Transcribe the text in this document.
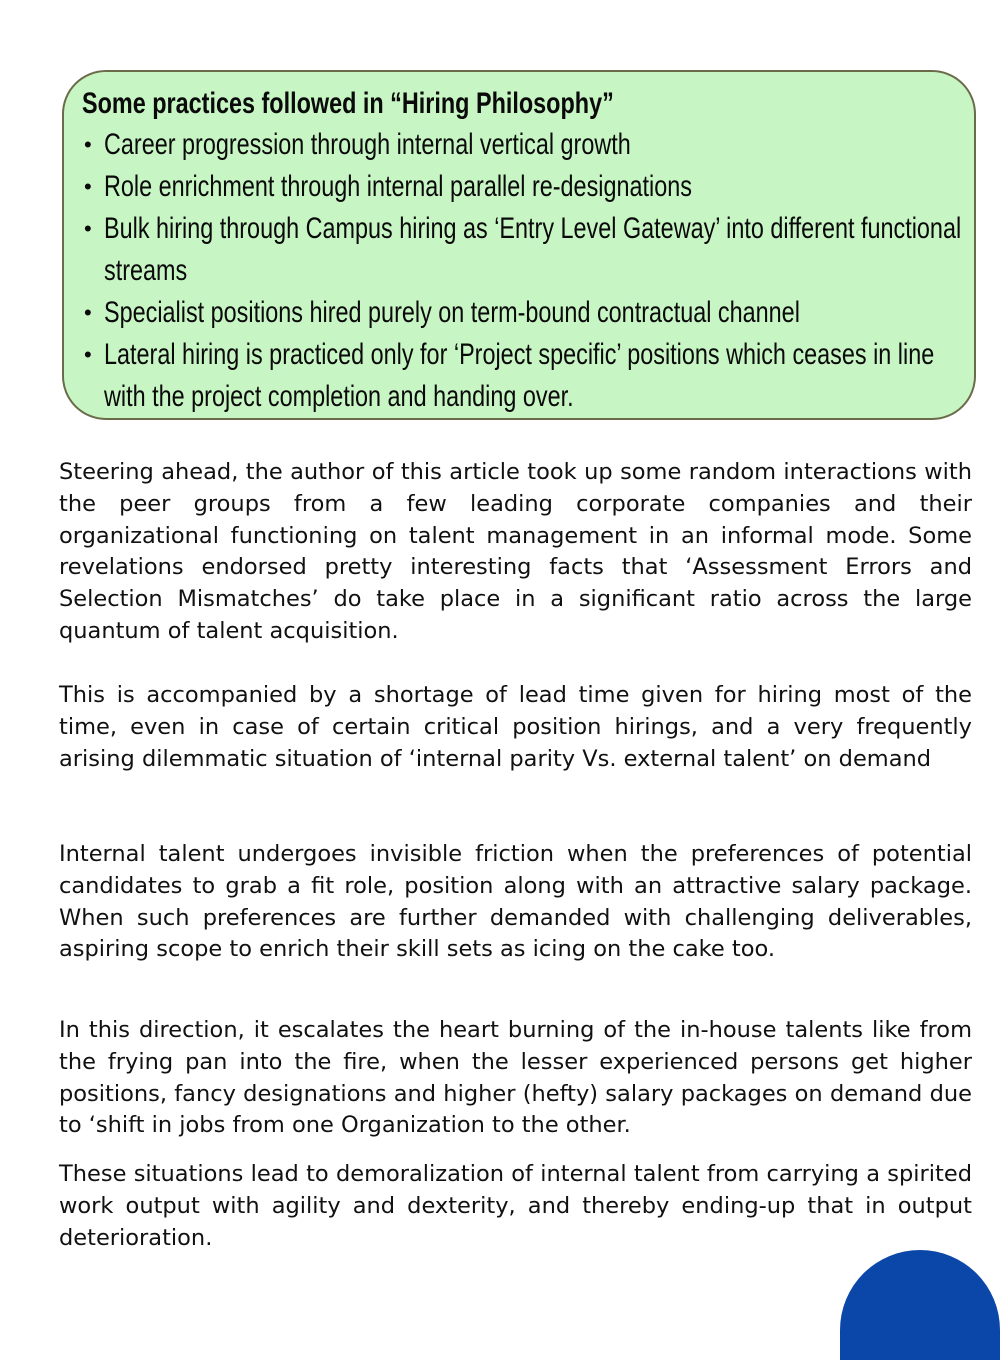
Some practices followed in “Hiring Philosophy”
• Career progression through internal vertical growth
• Role enrichment through internal parallel re-designations
• Bulk hiring through Campus hiring as ‘Entry Level Gateway’ into different functional streams
• Specialist positions hired purely on term-bound contractual channel
• Lateral hiring is practiced only for ‘Project specific’ positions which ceases in line with the project completion and handing over.

Steering ahead, the author of this article took up some random interactions with the peer groups from a few leading corporate companies and their organizational functioning on talent management in an informal mode. Some revelations endorsed pretty interesting facts that ‘Assessment Errors and Selection Mismatches’ do take place in a significant ratio across the large quantum of talent acquisition.

This is accompanied by a shortage of lead time given for hiring most of the time, even in case of certain critical position hirings, and a very frequently arising dilemmatic situation of ‘internal parity Vs. external talent’ on demand

Internal talent undergoes invisible friction when the preferences of potential candidates to grab a fit role, position along with an attractive salary package. When such preferences are further demanded with challenging deliverables, aspiring scope to enrich their skill sets as icing on the cake too.

In this direction, it escalates the heart burning of the in-house talents like from the frying pan into the fire, when the lesser experienced persons get higher positions, fancy designations and higher (hefty) salary packages on demand due to ‘shift in jobs from one Organization to the other.

These situations lead to demoralization of internal talent from carrying a spirited work output with agility and dexterity, and thereby ending-up that in output deterioration.
